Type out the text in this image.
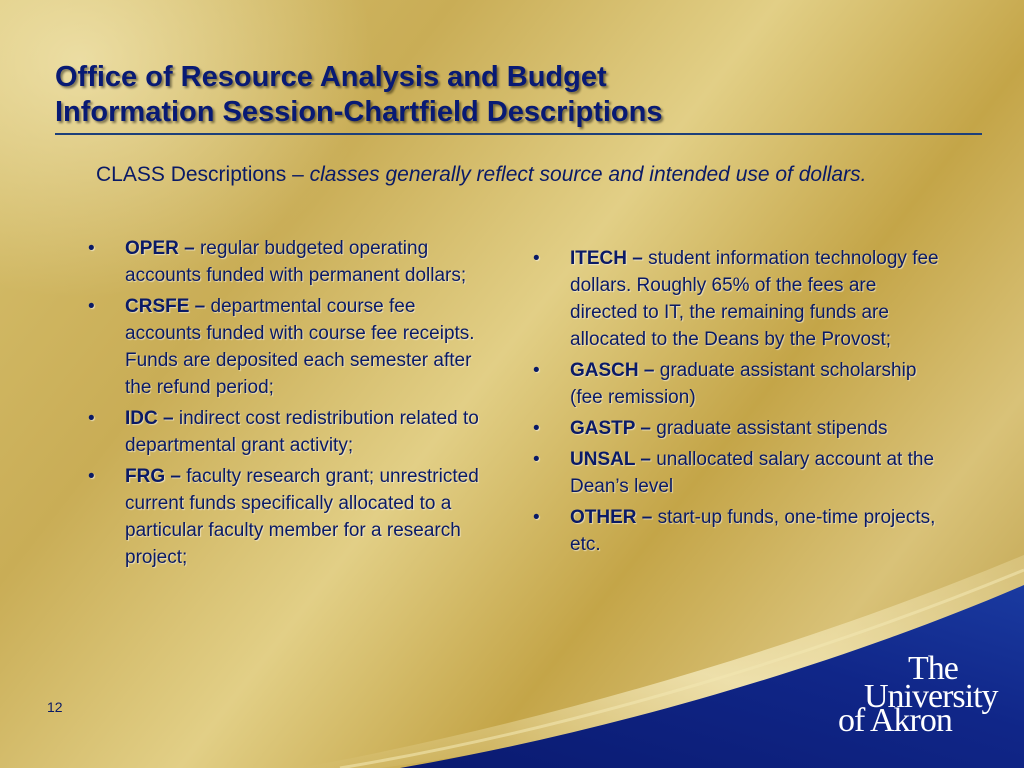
Office of Resource Analysis and Budget
Information Session-Chartfield Descriptions

CLASS Descriptions – classes generally reflect source and intended use of dollars.

• OPER – regular budgeted operating accounts funded with permanent dollars;
• CRSFE – departmental course fee accounts funded with course fee receipts. Funds are deposited each semester after the refund period;
• IDC – indirect cost redistribution related to departmental grant activity;
• FRG – faculty research grant; unrestricted current funds specifically allocated to a particular faculty member for a research project;
• ITECH – student information technology fee dollars. Roughly 65% of the fees are directed to IT, the remaining funds are allocated to the Deans by the Provost;
• GASCH – graduate assistant scholarship (fee remission)
• GASTP – graduate assistant stipends
• UNSAL – unallocated salary account at the Dean’s level
• OTHER – start-up funds, one-time projects, etc.
12
The
University
of Akron
